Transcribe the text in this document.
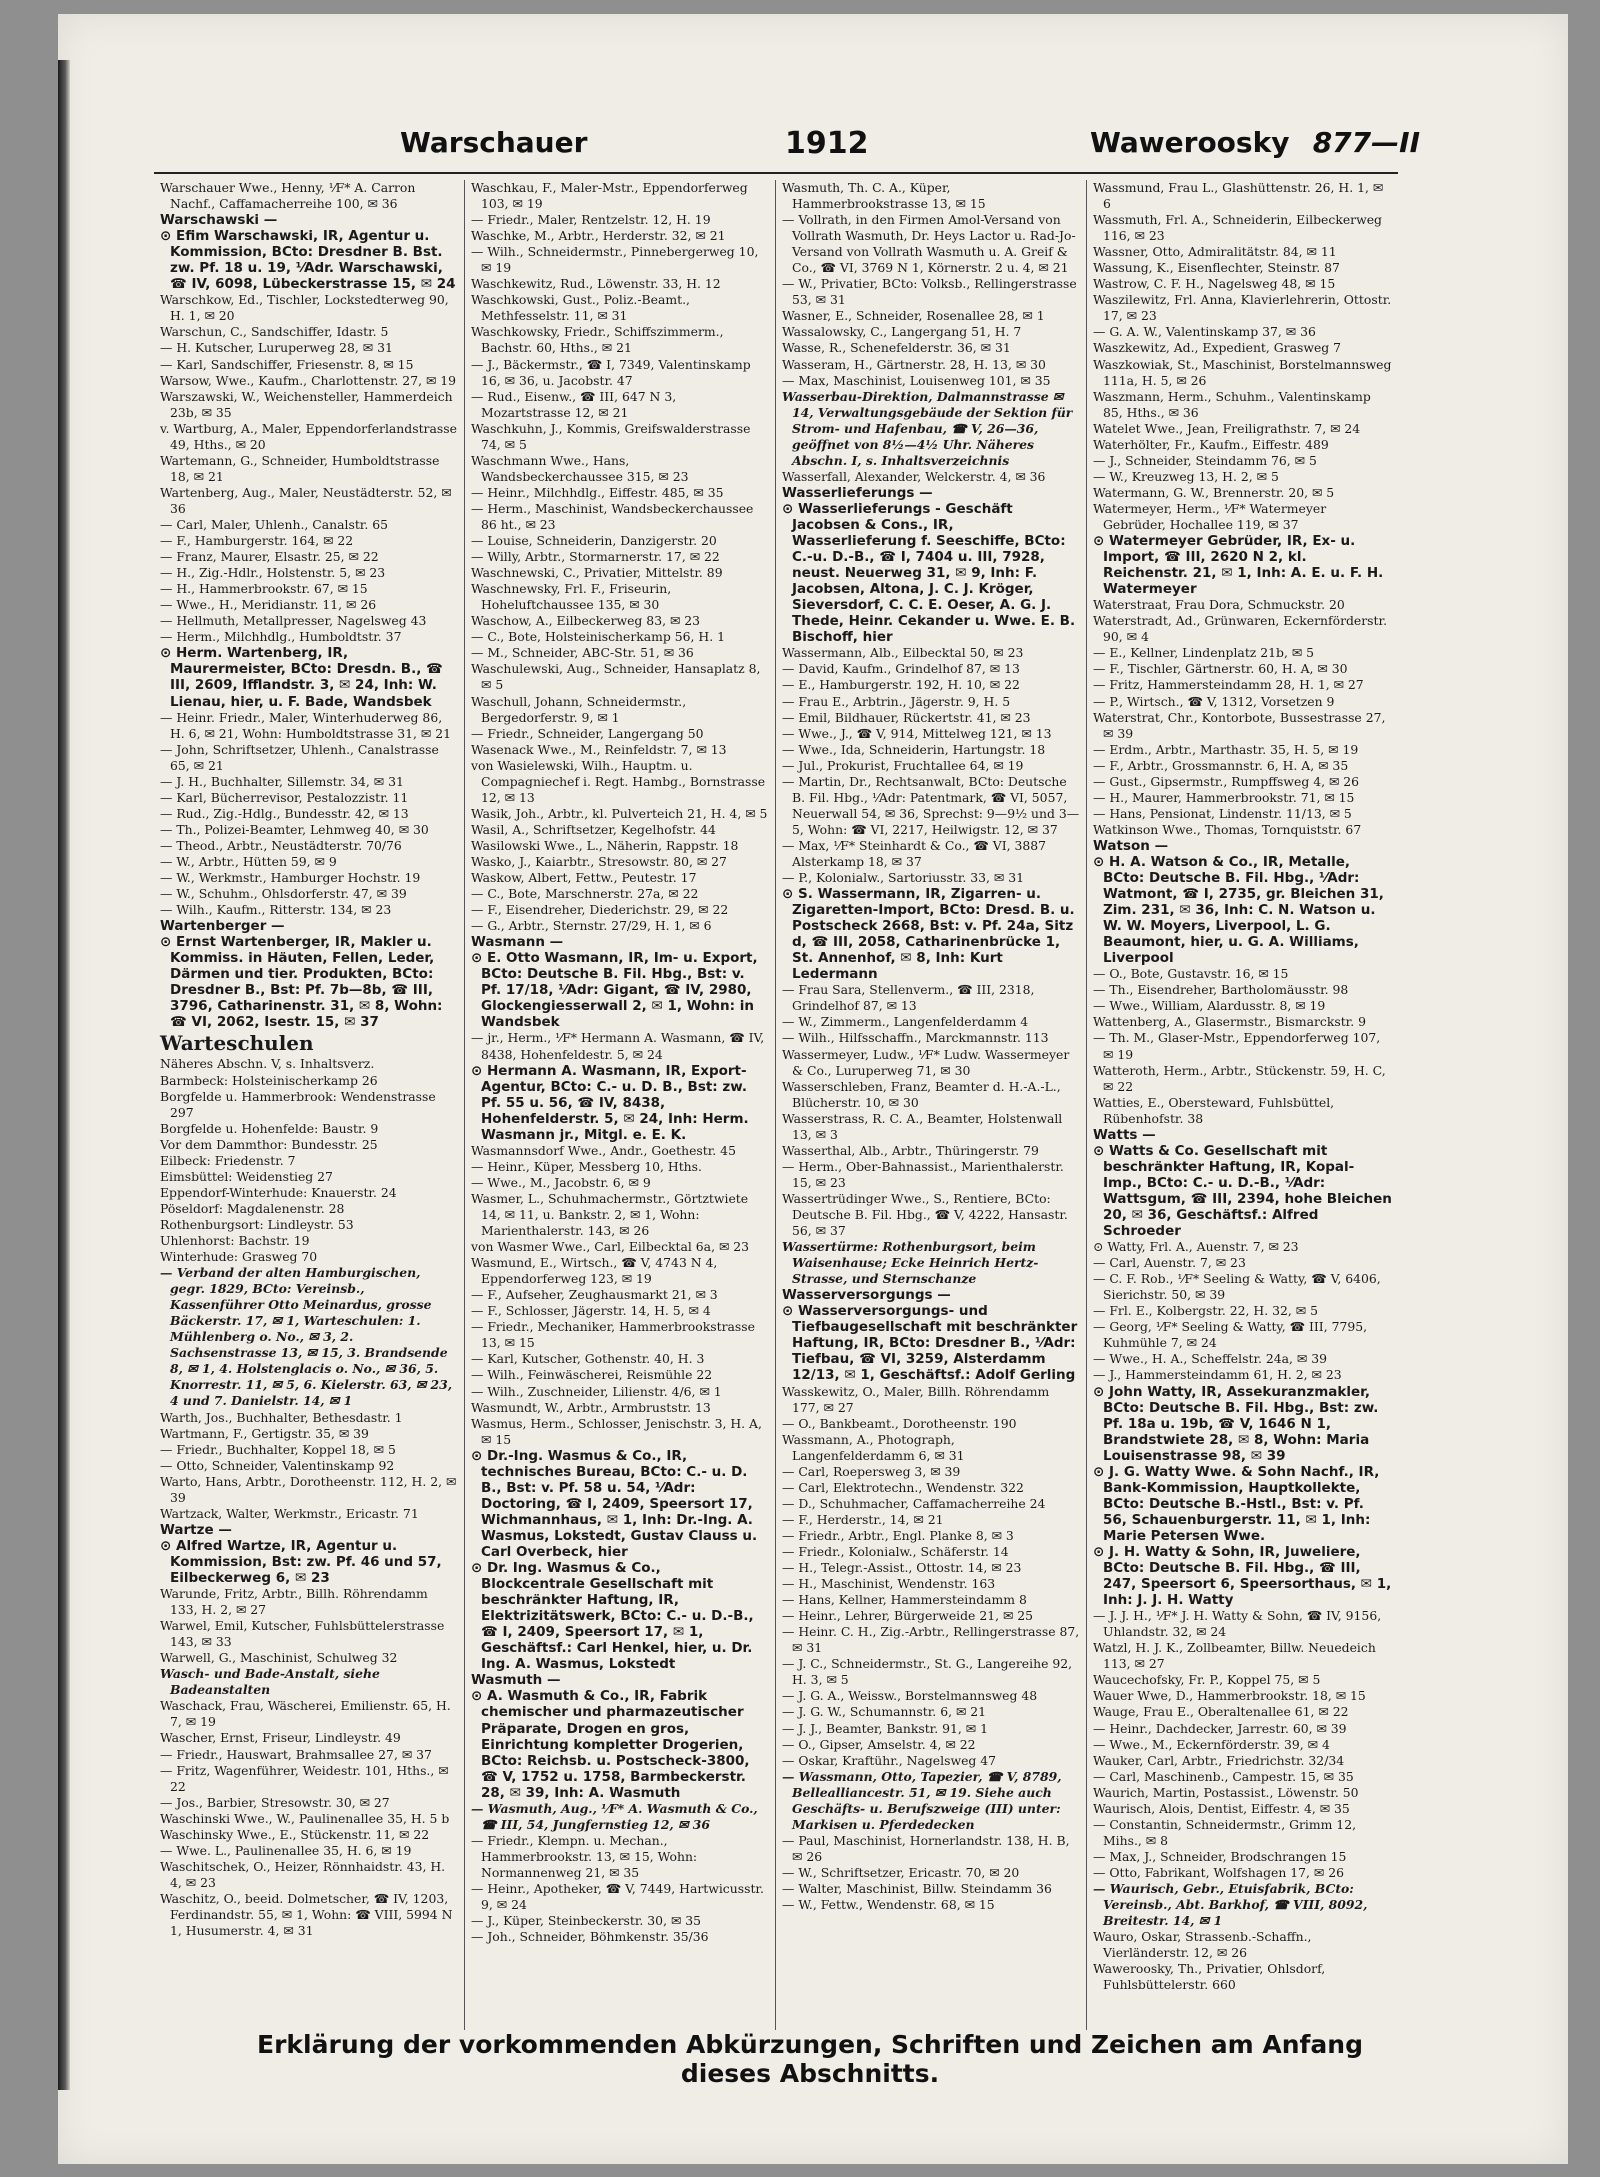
Warschauer	1912	Waweroosky 877—II

Warschauer Wwe., Henny, ⅟F* A. Carron Nachf., Caffamacherreihe 100, ✉ 36

Warschawski —

⊙ Efim Warschawski, IR, Agentur u. Kommission, BCto: Dresdner B. Bst. zw. Pf. 18 u. 19, ⅟Adr. Warschawski, ☎ IV, 6098, Lübeckerstrasse 15, ✉ 24

Warschkow, Ed., Tischler, Lockstedterweg 90, H. 1, ✉ 20

Warschun, C., Sandschiffer, Idastr. 5

— H. Kutscher, Luruperweg 28, ✉ 31

— Karl, Sandschiffer, Friesenstr. 8, ✉ 15

Warsow, Wwe., Kaufm., Charlottenstr. 27, ✉ 19

Warszawski, W., Weichensteller, Hammerdeich 23b, ✉ 35

v. Wartburg, A., Maler, Eppendorferlandstrasse 49, Hths., ✉ 20

Wartemann, G., Schneider, Humboldtstrasse 18, ✉ 21

Wartenberg, Aug., Maler, Neustädterstr. 52, ✉ 36

— Carl, Maler, Uhlenh., Canalstr. 65

— F., Hamburgerstr. 164, ✉ 22

— Franz, Maurer, Elsastr. 25, ✉ 22

— H., Zig.-Hdlr., Holstenstr. 5, ✉ 23

— H., Hammerbrookstr. 67, ✉ 15

— Wwe., H., Meridianstr. 11, ✉ 26

— Hellmuth, Metallpresser, Nagelsweg 43

— Herm., Milchhdlg., Humboldtstr. 37

⊙ Herm. Wartenberg, IR, Maurermeister, BCto: Dresdn. B., ☎ III, 2609, Ifflandstr. 3, ✉ 24, Inh: W. Lienau, hier, u. F. Bade, Wandsbek

— Heinr. Friedr., Maler, Winterhuderweg 86, H. 6, ✉ 21, Wohn: Humboldtstrasse 31, ✉ 21

— John, Schriftsetzer, Uhlenh., Canalstrasse 65, ✉ 21

— J. H., Buchhalter, Sillemstr. 34, ✉ 31

— Karl, Bücherrevisor, Pestalozzistr. 11

— Rud., Zig.-Hdlg., Bundesstr. 42, ✉ 13

— Th., Polizei-Beamter, Lehmweg 40, ✉ 30

— Theod., Arbtr., Neustädterstr. 70/76

— W., Arbtr., Hütten 59, ✉ 9

— W., Werkmstr., Hamburger Hochstr. 19

— W., Schuhm., Ohlsdorferstr. 47, ✉ 39

— Wilh., Kaufm., Ritterstr. 134, ✉ 23

Wartenberger —

⊙ Ernst Wartenberger, IR, Makler u. Kommiss. in Häuten, Fellen, Leder, Därmen und tier. Produkten, BCto: Dresdner B., Bst: Pf. 7b—8b, ☎ III, 3796, Catharinenstr. 31, ✉ 8, Wohn: ☎ VI, 2062, Isestr. 15, ✉ 37

Warteschulen

Näheres Abschn. V, s. Inhaltsverz.

Barmbeck: Holsteinischerkamp 26

Borgfelde u. Hammerbrook: Wendenstrasse 297

Borgfelde u. Hohenfelde: Baustr. 9

Vor dem Dammthor: Bundesstr. 25

Eilbeck: Friedenstr. 7

Eimsbüttel: Weidenstieg 27

Eppendorf-Winterhude: Knauerstr. 24

Pöseldorf: Magdalenenstr. 28

Rothenburgsort: Lindleystr. 53

Uhlenhorst: Bachstr. 19

Winterhude: Grasweg 70

— Verband der alten Hamburgischen, gegr. 1829, BCto: Vereinsb., Kassenführer Otto Meinardus, grosse Bäckerstr. 17, ✉ 1, Warteschulen: 1. Mühlenberg o. No., ✉ 3, 2. Sachsenstrasse 13, ✉ 15, 3. Brandsende 8, ✉ 1, 4. Holstenglacis o. No., ✉ 36, 5. Knorrestr. 11, ✉ 5, 6. Kielerstr. 63, ✉ 23, 4 und 7. Danielstr. 14, ✉ 1

Warth, Jos., Buchhalter, Bethesdastr. 1

Wartmann, F., Gertigstr. 35, ✉ 39

— Friedr., Buchhalter, Koppel 18, ✉ 5

— Otto, Schneider, Valentinskamp 92

Warto, Hans, Arbtr., Dorotheenstr. 112, H. 2, ✉ 39

Wartzack, Walter, Werkmstr., Ericastr. 71

Wartze —

⊙ Alfred Wartze, IR, Agentur u. Kommission, Bst: zw. Pf. 46 und 57, Eilbeckerweg 6, ✉ 23

Warunde, Fritz, Arbtr., Billh. Röhrendamm 133, H. 2, ✉ 27

Warwel, Emil, Kutscher, Fuhlsbüttelerstrasse 143, ✉ 33

Warwell, G., Maschinist, Schulweg 32

Wasch- und Bade-Anstalt, siehe Badeanstalten

Waschack, Frau, Wäscherei, Emilienstr. 65, H. 7, ✉ 19

Wascher, Ernst, Friseur, Lindleystr. 49

— Friedr., Hauswart, Brahmsallee 27, ✉ 37

— Fritz, Wagenführer, Weidestr. 101, Hths., ✉ 22

— Jos., Barbier, Stresowstr. 30, ✉ 27

Waschinski Wwe., W., Paulinenallee 35, H. 5 b

Waschinsky Wwe., E., Stückenstr. 11, ✉ 22

— Wwe. L., Paulinenallee 35, H. 6, ✉ 19

Waschitschek, O., Heizer, Rönnhaidstr. 43, H. 4, ✉ 23

Waschitz, O., beeid. Dolmetscher, ☎ IV, 1203, Ferdinandstr. 55, ✉ 1, Wohn: ☎ VIII, 5994 N 1, Husumerstr. 4, ✉ 31

Waschkau, F., Maler-Mstr., Eppendorferweg 103, ✉ 19

— Friedr., Maler, Rentzelstr. 12, H. 19

Waschke, M., Arbtr., Herderstr. 32, ✉ 21

— Wilh., Schneidermstr., Pinnebergerweg 10, ✉ 19

Waschkewitz, Rud., Löwenstr. 33, H. 12

Waschkowski, Gust., Poliz.-Beamt., Methfesselstr. 11, ✉ 31

Waschkowsky, Friedr., Schiffszimmerm., Bachstr. 60, Hths., ✉ 21

— J., Bäckermstr., ☎ I, 7349, Valentinskamp 16, ✉ 36, u. Jacobstr. 47

— Rud., Eisenw., ☎ III, 647 N 3, Mozartstrasse 12, ✉ 21

Waschkuhn, J., Kommis, Greifswalderstrasse 74, ✉ 5

Waschmann Wwe., Hans, Wandsbeckerchaussee 315, ✉ 23

— Heinr., Milchhdlg., Eiffestr. 485, ✉ 35

— Herm., Maschinist, Wandsbeckerchaussee 86 ht., ✉ 23

— Louise, Schneiderin, Danzigerstr. 20

— Willy, Arbtr., Stormarnerstr. 17, ✉ 22

Waschnewski, C., Privatier, Mittelstr. 89

Waschnewsky, Frl. F., Friseurin, Hoheluftchaussee 135, ✉ 30

Waschow, A., Eilbeckerweg 83, ✉ 23

— C., Bote, Holsteinischerkamp 56, H. 1

— M., Schneider, ABC-Str. 51, ✉ 36

Waschulewski, Aug., Schneider, Hansaplatz 8, ✉ 5

Waschull, Johann, Schneidermstr., Bergedorferstr. 9, ✉ 1

— Friedr., Schneider, Langergang 50

Wasenack Wwe., M., Reinfeldstr. 7, ✉ 13

von Wasielewski, Wilh., Hauptm. u. Compagniechef i. Regt. Hambg., Bornstrasse 12, ✉ 13

Wasik, Joh., Arbtr., kl. Pulverteich 21, H. 4, ✉ 5

Wasil, A., Schriftsetzer, Kegelhofstr. 44

Wasilowski Wwe., L., Näherin, Rappstr. 18

Wasko, J., Kaiarbtr., Stresowstr. 80, ✉ 27

Waskow, Albert, Fettw., Peutestr. 17

— C., Bote, Marschnerstr. 27a, ✉ 22

— F., Eisendreher, Diederichstr. 29, ✉ 22

— G., Arbtr., Sternstr. 27/29, H. 1, ✉ 6

Wasmann —

⊙ E. Otto Wasmann, IR, Im- u. Export, BCto: Deutsche B. Fil. Hbg., Bst: v. Pf. 17/18, ⅟Adr: Gigant, ☎ IV, 2980, Glockengiesserwall 2, ✉ 1, Wohn: in Wandsbek

— jr., Herm., ⅟F* Hermann A. Wasmann, ☎ IV, 8438, Hohenfeldestr. 5, ✉ 24

⊙ Hermann A. Wasmann, IR, Export-Agentur, BCto: C.- u. D. B., Bst: zw. Pf. 55 u. 56, ☎ IV, 8438, Hohenfelderstr. 5, ✉ 24, Inh: Herm. Wasmann jr., Mitgl. e. E. K.

Wasmannsdorf Wwe., Andr., Goethestr. 45

— Heinr., Küper, Messberg 10, Hths.

— Wwe., M., Jacobstr. 6, ✉ 9

Wasmer, L., Schuhmachermstr., Görtztwiete 14, ✉ 11, u. Bankstr. 2, ✉ 1, Wohn: Marienthalerstr. 143, ✉ 26

von Wasmer Wwe., Carl, Eilbecktal 6a, ✉ 23

Wasmund, E., Wirtsch., ☎ V, 4743 N 4, Eppendorferweg 123, ✉ 19

— F., Aufseher, Zeughausmarkt 21, ✉ 3

— F., Schlosser, Jägerstr. 14, H. 5, ✉ 4

— Friedr., Mechaniker, Hammerbrookstrasse 13, ✉ 15

— Karl, Kutscher, Gothenstr. 40, H. 3

— Wilh., Feinwäscherei, Reismühle 22

— Wilh., Zuschneider, Lilienstr. 4/6, ✉ 1

Wasmundt, W., Arbtr., Armbruststr. 13

Wasmus, Herm., Schlosser, Jenischstr. 3, H. A, ✉ 15

⊙ Dr.-Ing. Wasmus & Co., IR, technisches Bureau, BCto: C.- u. D. B., Bst: v. Pf. 58 u. 54, ⅟Adr: Doctoring, ☎ I, 2409, Speersort 17, Wichmannhaus, ✉ 1, Inh: Dr.-Ing. A. Wasmus, Lokstedt, Gustav Clauss u. Carl Overbeck, hier

⊙ Dr. Ing. Wasmus & Co., Blockcentrale Gesellschaft mit beschränkter Haftung, IR, Elektrizitätswerk, BCto: C.- u. D.-B., ☎ I, 2409, Speersort 17, ✉ 1, Geschäftsf.: Carl Henkel, hier, u. Dr. Ing. A. Wasmus, Lokstedt

Wasmuth —

⊙ A. Wasmuth & Co., IR, Fabrik chemischer und pharmazeutischer Präparate, Drogen en gros, Einrichtung kompletter Drogerien, BCto: Reichsb. u. Postscheck-3800, ☎ V, 1752 u. 1758, Barmbeckerstr. 28, ✉ 39, Inh: A. Wasmuth

— Wasmuth, Aug., ⅟F* A. Wasmuth & Co., ☎ III, 54, Jungfernstieg 12, ✉ 36

— Friedr., Klempn. u. Mechan., Hammerbrookstr. 13, ✉ 15, Wohn: Normannenweg 21, ✉ 35

— Heinr., Apotheker, ☎ V, 7449, Hartwicusstr. 9, ✉ 24

— J., Küper, Steinbeckerstr. 30, ✉ 35

— Joh., Schneider, Böhmkenstr. 35/36

Wasmuth, Th. C. A., Küper, Hammerbrookstrasse 13, ✉ 15

— Vollrath, in den Firmen Amol-Versand von Vollrath Wasmuth, Dr. Heys Lactor u. Rad-Jo-Versand von Vollrath Wasmuth u. A. Greif & Co., ☎ VI, 3769 N 1, Körnerstr. 2 u. 4, ✉ 21

— W., Privatier, BCto: Volksb., Rellingerstrasse 53, ✉ 31

Wasner, E., Schneider, Rosenallee 28, ✉ 1

Wassalowsky, C., Langergang 51, H. 7

Wasse, R., Schenefelderstr. 36, ✉ 31

Wasseram, H., Gärtnerstr. 28, H. 13, ✉ 30

— Max, Maschinist, Louisenweg 101, ✉ 35

Wasserbau-Direktion, Dalmannstrasse ✉ 14, Verwaltungsgebäude der Sektion für Strom- und Hafenbau, ☎ V, 26—36, geöffnet von 8½—4½ Uhr. Näheres Abschn. I, s. Inhaltsverzeichnis

Wasserfall, Alexander, Welckerstr. 4, ✉ 36

Wasserlieferungs —

⊙ Wasserlieferungs - Geschäft Jacobsen & Cons., IR, Wasserlieferung f. Seeschiffe, BCto: C.-u. D.-B., ☎ I, 7404 u. III, 7928, neust. Neuerweg 31, ✉ 9, Inh: F. Jacobsen, Altona, J. C. J. Kröger, Sieversdorf, C. C. E. Oeser, A. G. J. Thede, Heinr. Cekander u. Wwe. E. B. Bischoff, hier

Wassermann, Alb., Eilbecktal 50, ✉ 23

— David, Kaufm., Grindelhof 87, ✉ 13

— E., Hamburgerstr. 192, H. 10, ✉ 22

— Frau E., Arbtrin., Jägerstr. 9, H. 5

— Emil, Bildhauer, Rückertstr. 41, ✉ 23

— Wwe., J., ☎ V, 914, Mittelweg 121, ✉ 13

— Wwe., Ida, Schneiderin, Hartungstr. 18

— Jul., Prokurist, Fruchtallee 64, ✉ 19

— Martin, Dr., Rechtsanwalt, BCto: Deutsche B. Fil. Hbg., ⅟Adr: Patentmark, ☎ VI, 5057, Neuerwall 54, ✉ 36, Sprechst: 9—9½ und 3—5, Wohn: ☎ VI, 2217, Heilwigstr. 12, ✉ 37

— Max, ⅟F* Steinhardt & Co., ☎ VI, 3887 Alsterkamp 18, ✉ 37

— P., Kolonialw., Sartoriusstr. 33, ✉ 31

⊙ S. Wassermann, IR, Zigarren- u. Zigaretten-Import, BCto: Dresd. B. u. Postscheck 2668, Bst: v. Pf. 24a, Sitz d, ☎ III, 2058, Catharinenbrücke 1, St. Annenhof, ✉ 8, Inh: Kurt Ledermann

— Frau Sara, Stellenverm., ☎ III, 2318, Grindelhof 87, ✉ 13

— W., Zimmerm., Langenfelderdamm 4

— Wilh., Hilfsschaffn., Marckmannstr. 113

Wassermeyer, Ludw., ⅟F* Ludw. Wassermeyer & Co., Luruperweg 71, ✉ 30

Wasserschleben, Franz, Beamter d. H.-A.-L., Blücherstr. 10, ✉ 30

Wasserstrass, R. C. A., Beamter, Holstenwall 13, ✉ 3

Wasserthal, Alb., Arbtr., Thüringerstr. 79

— Herm., Ober-Bahnassist., Marienthalerstr. 15, ✉ 23

Wassertrüdinger Wwe., S., Rentiere, BCto: Deutsche B. Fil. Hbg., ☎ V, 4222, Hansastr. 56, ✉ 37

Wassertürme: Rothenburgsort, beim Waisenhause; Ecke Heinrich Hertz-Strasse, und Sternschanze

Wasserversorgungs —

⊙ Wasserversorgungs- und Tiefbaugesellschaft mit beschränkter Haftung, IR, BCto: Dresdner B., ⅟Adr: Tiefbau, ☎ VI, 3259, Alsterdamm 12/13, ✉ 1, Geschäftsf.: Adolf Gerling

Wasskewitz, O., Maler, Billh. Röhrendamm 177, ✉ 27

— O., Bankbeamt., Dorotheenstr. 190

Wassmann, A., Photograph, Langenfelderdamm 6, ✉ 31

— Carl, Roepersweg 3, ✉ 39

— Carl, Elektrotechn., Wendenstr. 322

— D., Schuhmacher, Caffamacherreihe 24

— F., Herderstr., 14, ✉ 21

— Friedr., Arbtr., Engl. Planke 8, ✉ 3

— Friedr., Kolonialw., Schäferstr. 14

— H., Telegr.-Assist., Ottostr. 14, ✉ 23

— H., Maschinist, Wendenstr. 163

— Hans, Kellner, Hammersteindamm 8

— Heinr., Lehrer, Bürgerweide 21, ✉ 25

— Heinr. C. H., Zig.-Arbtr., Rellingerstrasse 87, ✉ 31

— J. C., Schneidermstr., St. G., Langereihe 92, H. 3, ✉ 5

— J. G. A., Weissw., Borstelmannsweg 48

— J. G. W., Schumannstr. 6, ✉ 21

— J. J., Beamter, Bankstr. 91, ✉ 1

— O., Gipser, Amselstr. 4, ✉ 22

— Oskar, Kraftühr., Nagelsweg 47

— Wassmann, Otto, Tapezier, ☎ V, 8789, Bellealliancestr. 51, ✉ 19. Siehe auch Geschäfts- u. Berufszweige (III) unter: Markisen u. Pferdedecken

— Paul, Maschinist, Hornerlandstr. 138, H. B, ✉ 26

— W., Schriftsetzer, Ericastr. 70, ✉ 20

— Walter, Maschinist, Billw. Steindamm 36

— W., Fettw., Wendenstr. 68, ✉ 15

Wassmund, Frau L., Glashüttenstr. 26, H. 1, ✉ 6

Wassmuth, Frl. A., Schneiderin, Eilbeckerweg 116, ✉ 23

Wassner, Otto, Admiralitätstr. 84, ✉ 11

Wassung, K., Eisenflechter, Steinstr. 87

Wastrow, C. F. H., Nagelsweg 48, ✉ 15

Waszilewitz, Frl. Anna, Klavierlehrerin, Ottostr. 17, ✉ 23

— G. A. W., Valentinskamp 37, ✉ 36

Waszkewitz, Ad., Expedient, Grasweg 7

Waszkowiak, St., Maschinist, Borstelmannsweg 111a, H. 5, ✉ 26

Waszmann, Herm., Schuhm., Valentinskamp 85, Hths., ✉ 36

Watelet Wwe., Jean, Freiligrathstr. 7, ✉ 24

Waterhölter, Fr., Kaufm., Eiffestr. 489

— J., Schneider, Steindamm 76, ✉ 5

— W., Kreuzweg 13, H. 2, ✉ 5

Watermann, G. W., Brennerstr. 20, ✉ 5

Watermeyer, Herm., ⅟F* Watermeyer Gebrüder, Hochallee 119, ✉ 37

⊙ Watermeyer Gebrüder, IR, Ex- u. Import, ☎ III, 2620 N 2, kl. Reichenstr. 21, ✉ 1, Inh: A. E. u. F. H. Watermeyer

Waterstraat, Frau Dora, Schmuckstr. 20

Waterstradt, Ad., Grünwaren, Eckernförderstr. 90, ✉ 4

— E., Kellner, Lindenplatz 21b, ✉ 5

— F., Tischler, Gärtnerstr. 60, H. A, ✉ 30

— Fritz, Hammersteindamm 28, H. 1, ✉ 27

— P., Wirtsch., ☎ V, 1312, Vorsetzen 9

Waterstrat, Chr., Kontorbote, Bussestrasse 27, ✉ 39

— Erdm., Arbtr., Marthastr. 35, H. 5, ✉ 19

— F., Arbtr., Grossmannstr. 6, H. A, ✉ 35

— Gust., Gipsermstr., Rumpffsweg 4, ✉ 26

— H., Maurer, Hammerbrookstr. 71, ✉ 15

— Hans, Pensionat, Lindenstr. 11/13, ✉ 5

Watkinson Wwe., Thomas, Tornquiststr. 67

Watson —

⊙ H. A. Watson & Co., IR, Metalle, BCto: Deutsche B. Fil. Hbg., ⅟Adr: Watmont, ☎ I, 2735, gr. Bleichen 31, Zim. 231, ✉ 36, Inh: C. N. Watson u. W. W. Moyers, Liverpool, L. G. Beaumont, hier, u. G. A. Williams, Liverpool

— O., Bote, Gustavstr. 16, ✉ 15

— Th., Eisendreher, Bartholomäusstr. 98

— Wwe., William, Alardusstr. 8, ✉ 19

Wattenberg, A., Glasermstr., Bismarckstr. 9

— Th. M., Glaser-Mstr., Eppendorferweg 107, ✉ 19

Watteroth, Herm., Arbtr., Stückenstr. 59, H. C, ✉ 22

Watties, E., Obersteward, Fuhlsbüttel, Rübenhofstr. 38

Watts —

⊙ Watts & Co. Gesellschaft mit beschränkter Haftung, IR, Kopal-Imp., BCto: C.- u. D.-B., ⅟Adr: Wattsgum, ☎ III, 2394, hohe Bleichen 20, ✉ 36, Geschäftsf.: Alfred Schroeder

⊙ Watty, Frl. A., Auenstr. 7, ✉ 23

— Carl, Auenstr. 7, ✉ 23

— C. F. Rob., ⅟F* Seeling & Watty, ☎ V, 6406, Sierichstr. 50, ✉ 39

— Frl. E., Kolbergstr. 22, H. 32, ✉ 5

— Georg, ⅟F* Seeling & Watty, ☎ III, 7795, Kuhmühle 7, ✉ 24

— Wwe., H. A., Scheffelstr. 24a, ✉ 39

— J., Hammersteindamm 61, H. 2, ✉ 23

⊙ John Watty, IR, Assekuranzmakler, BCto: Deutsche B. Fil. Hbg., Bst: zw. Pf. 18a u. 19b, ☎ V, 1646 N 1, Brandstwiete 28, ✉ 8, Wohn: Maria Louisenstrasse 98, ✉ 39

⊙ J. G. Watty Wwe. & Sohn Nachf., IR, Bank-Kommission, Hauptkollekte, BCto: Deutsche B.-Hstl., Bst: v. Pf. 56, Schauenburgerstr. 11, ✉ 1, Inh: Marie Petersen Wwe.

⊙ J. H. Watty & Sohn, IR, Juweliere, BCto: Deutsche B. Fil. Hbg., ☎ III, 247, Speersort 6, Speersorthaus, ✉ 1, Inh: J. J. H. Watty

— J. J. H., ⅟F* J. H. Watty & Sohn, ☎ IV, 9156, Uhlandstr. 32, ✉ 24

Watzl, H. J. K., Zollbeamter, Billw. Neuedeich 113, ✉ 27

Waucechofsky, Fr. P., Koppel 75, ✉ 5

Wauer Wwe, D., Hammerbrookstr. 18, ✉ 15

Wauge, Frau E., Oberaltenallee 61, ✉ 22

— Heinr., Dachdecker, Jarrestr. 60, ✉ 39

— Wwe., M., Eckernförderstr. 39, ✉ 4

Wauker, Carl, Arbtr., Friedrichstr. 32/34

— Carl, Maschinenb., Campestr. 15, ✉ 35

Waurich, Martin, Postassist., Löwenstr. 50

Waurisch, Alois, Dentist, Eiffestr. 4, ✉ 35

— Constantin, Schneidermstr., Grimm 12, Mihs., ✉ 8

— Max, J., Schneider, Brodschrangen 15

— Otto, Fabrikant, Wolfshagen 17, ✉ 26

— Waurisch, Gebr., Etuisfabrik, BCto: Vereinsb., Abt. Barkhof, ☎ VIII, 8092, Breitestr. 14, ✉ 1

Wauro, Oskar, Strassenb.-Schaffn., Vierländerstr. 12, ✉ 26

Waweroosky, Th., Privatier, Ohlsdorf, Fuhlsbüttelerstr. 660

Erklärung der vorkommenden Abkürzungen, Schriften und Zeichen am Anfang dieses Abschnitts.
